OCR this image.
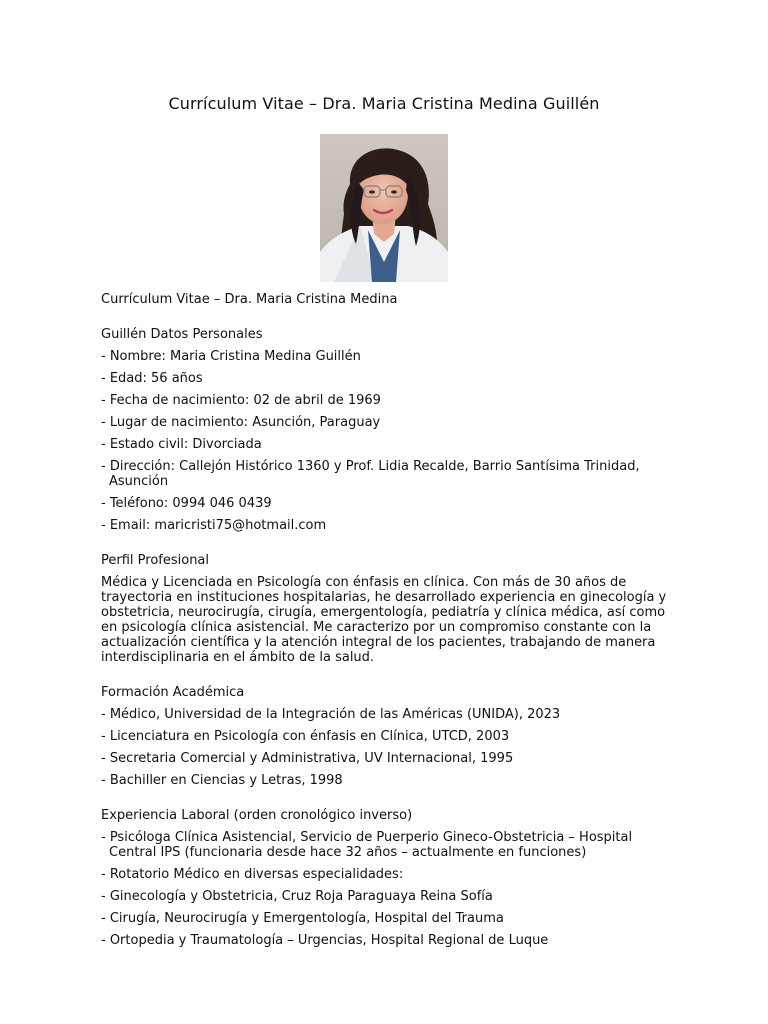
Currículum Vitae – Dra. Maria Cristina Medina Guillén

Currículum Vitae – Dra. Maria Cristina Medina

Guillén Datos Personales

- Nombre: Maria Cristina Medina Guillén

- Edad: 56 años

- Fecha de nacimiento: 02 de abril de 1969

- Lugar de nacimiento: Asunción, Paraguay

- Estado civil: Divorciada

- Dirección: Callejón Histórico 1360 y Prof. Lidia Recalde, Barrio Santísima Trinidad, Asunción

- Teléfono: 0994 046 0439

- Email: maricristi75@hotmail.com

Perfil Profesional

Médica y Licenciada en Psicología con énfasis en clínica. Con más de 30 años de trayectoria en instituciones hospitalarias, he desarrollado experiencia en ginecología y obstetricia, neurocirugía, cirugía, emergentología, pediatría y clínica médica, así como en psicología clínica asistencial. Me caracterizo por un compromiso constante con la actualización científica y la atención integral de los pacientes, trabajando de manera interdisciplinaria en el ámbito de la salud.

Formación Académica

- Médico, Universidad de la Integración de las Américas (UNIDA), 2023

- Licenciatura en Psicología con énfasis en Clínica, UTCD, 2003

- Secretaria Comercial y Administrativa, UV Internacional, 1995

- Bachiller en Ciencias y Letras, 1998

Experiencia Laboral (orden cronológico inverso)

- Psicóloga Clínica Asistencial, Servicio de Puerperio Gineco-Obstetricia – Hospital Central IPS (funcionaria desde hace 32 años – actualmente en funciones)

- Rotatorio Médico en diversas especialidades:

- Ginecología y Obstetricia, Cruz Roja Paraguaya Reina Sofía

- Cirugía, Neurocirugía y Emergentología, Hospital del Trauma

- Ortopedia y Traumatología – Urgencias, Hospital Regional de Luque
